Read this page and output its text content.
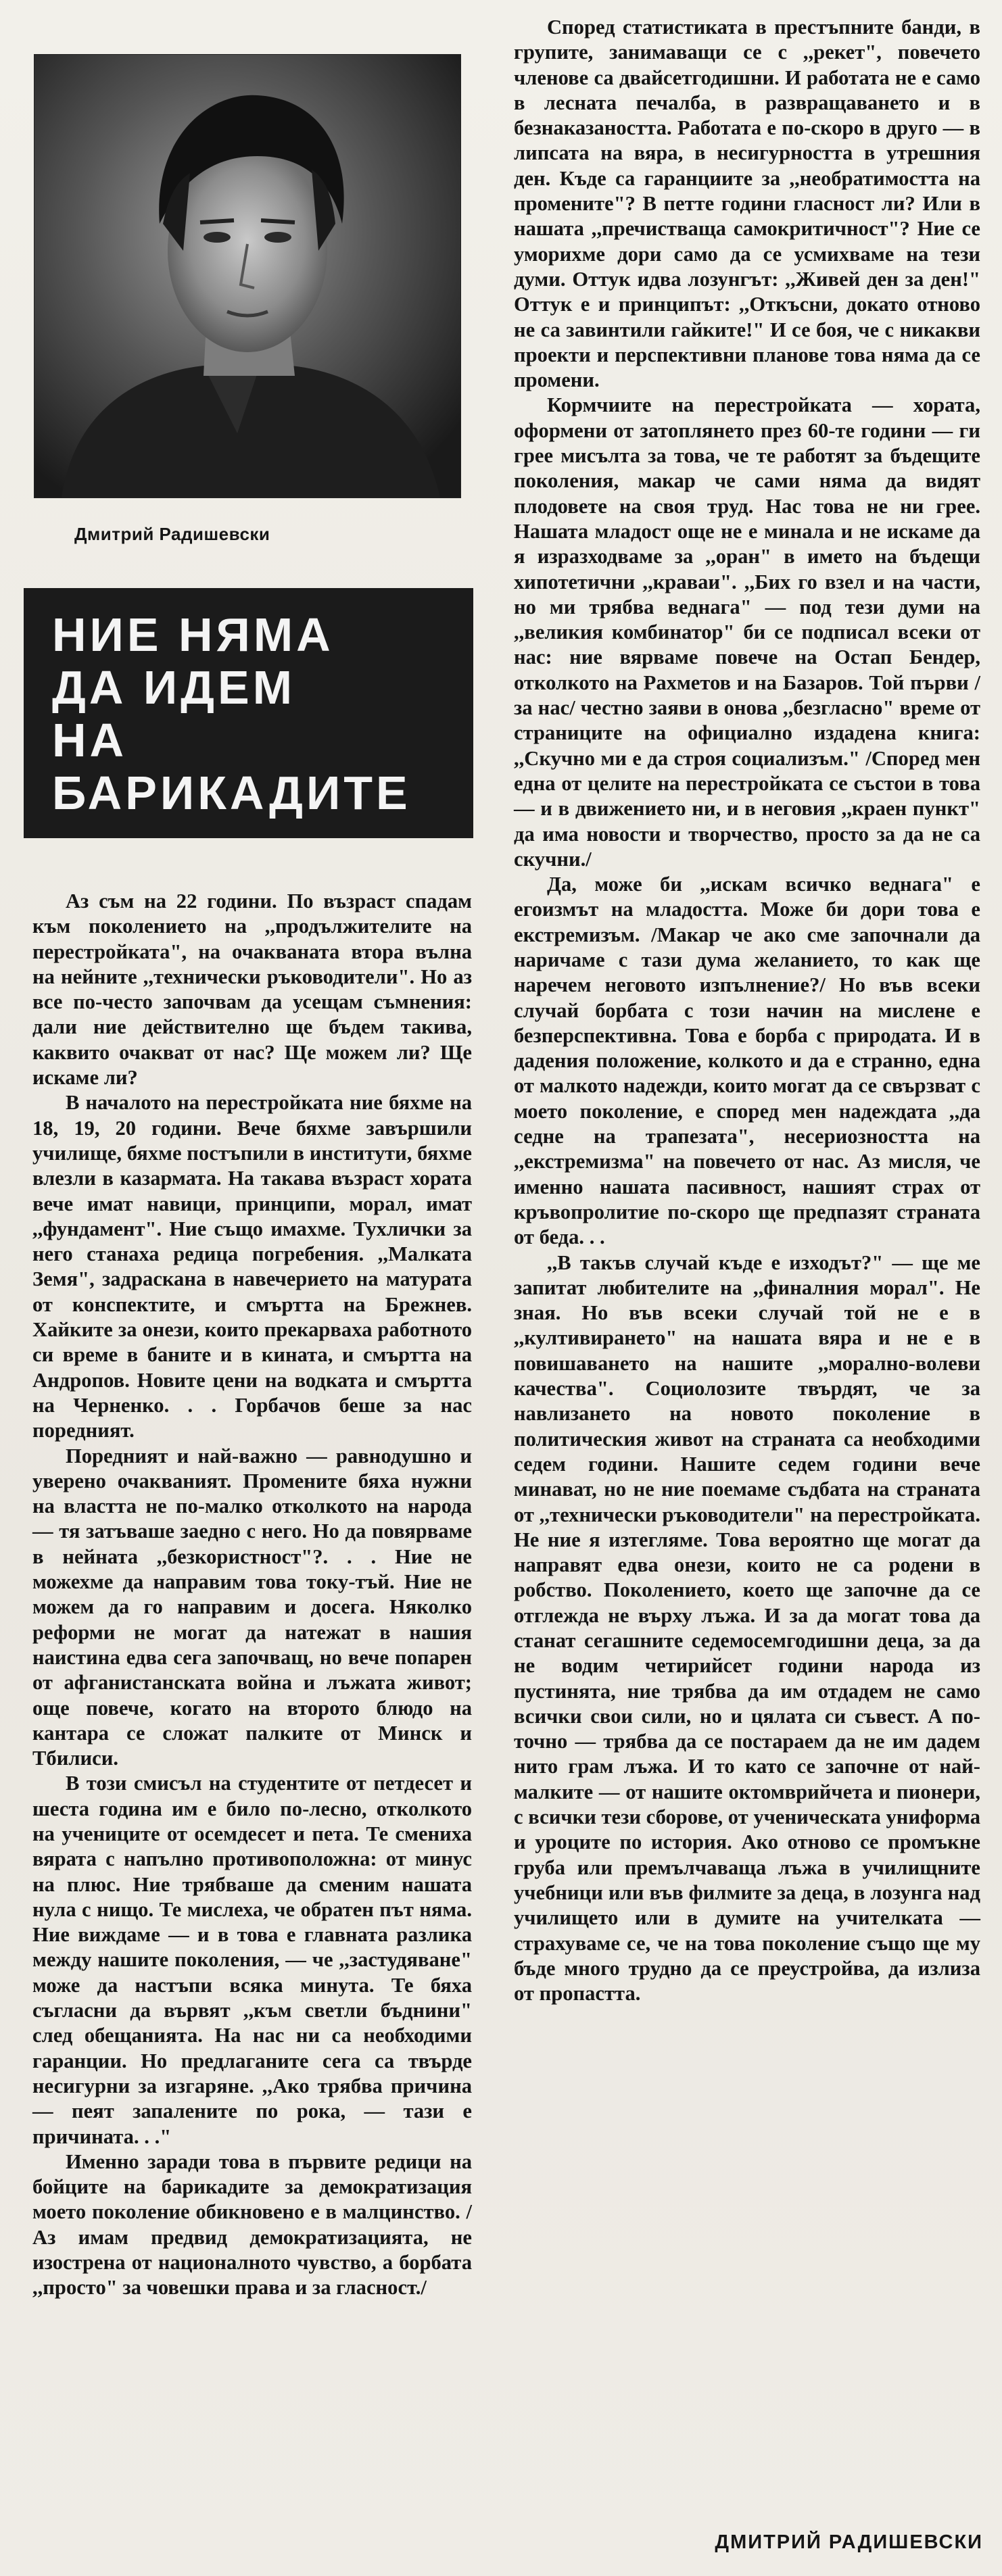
Дмитрий Радишевски
НИЕ НЯМА
ДА ИДЕМ
НА
БАРИКАДИТЕ

Аз съм на 22 години. По възраст спадам към поколението на ,,продължителите на перестройката", на очакваната втора вълна на нейните ,,технически ръководители". Но аз все по-често започвам да усещам съмнения: дали ние действително ще бъдем такива, каквито очакват от нас? Ще можем ли? Ще искаме ли?

В началото на перестройката ние бяхме на 18, 19, 20 години. Вече бяхме завършили училище, бяхме постъпили в институти, бяхме влезли в казармата. На такава възраст хората вече имат навици, принципи, морал, имат ,,фундамент". Ние също имахме. Тухлички за него станаха редица погребения. ,,Малката Земя", задраскана в навечерието на матурата от конспектите, и смъртта на Брежнев. Хайките за онези, които прекарваха работното си време в баните и в кината, и смъртта на Андропов. Новите цени на водката и смъртта на Черненко. . . Горбачов беше за нас поредният.

Поредният и най-важно — равнодушно и уверено очакваният. Промените бяха нужни на властта не по-малко отколкото на народа — тя затъваше заедно с него. Но да повярваме в нейната ,,безкористност"?. . . Ние не можехме да направим това току-тъй. Ние не можем да го направим и досега. Няколко реформи не могат да натежат в нашия наистина едва сега започващ, но вече попарен от афганистанската война и лъжата живот; още повече, когато на второто блюдо на кантара се сложат палките от Минск и Тбилиси.

В този смисъл на студентите от петдесет и шеста година им е било по-лесно, отколкото на учениците от осемдесет и пета. Те смениха вярата с напълно противоположна: от минус на плюс. Ние трябваше да сменим нашата нула с нищо. Те мислеха, че обратен път няма. Ние виждаме — и в това е главната разлика между нашите поколения, — че ,,застудяване" може да настъпи всяка минута. Те бяха съгласни да вървят ,,към светли бъднини" след обещанията. На нас ни са необходими гаранции. Но предлаганите сега са твърде несигурни за изгаряне. ,,Ако трябва причина — пеят запалените по рока, — тази е причината. . ."

Именно заради това в първите редици на бойците на барикадите за демократизация моето поколение обикновено е в малцинство. /Аз имам предвид демократизацията, не изострена от националното чувство, а борбата ,,просто" за човешки права и за гласност./

Според статистиката в престъпните банди, в групите, занимаващи се с ,,рекет", повечето членове са двайсетгодишни. И работата не е само в лесната печалба, в развращаването и в безнаказаността. Работата е по-скоро в друго — в липсата на вяра, в несигурността в утрешния ден. Къде са гаранциите за ,,необратимостта на промените"? В петте години гласност ли? Или в нашата ,,пречистваща самокритичност"? Ние се уморихме дори само да се усмихваме на тези думи. Оттук идва лозунгът: ,,Живей ден за ден!" Оттук е и принципът: ,,Откъсни, докато отново не са завинтили гайките!" И се боя, че с никакви проекти и перспективни планове това няма да се промени.

Кормчиите на перестройката — хората, оформени от затоплянето през 60-те години — ги грее мисълта за това, че те работят за бъдещите поколения, макар че сами няма да видят плодовете на своя труд. Нас това не ни грее. Нашата младост още не е минала и не искаме да я изразходваме за ,,оран" в името на бъдещи хипотетични ,,краваи". ,,Бих го взел и на части, но ми трябва веднага" — под тези думи на ,,великия комбинатор" би се подписал всеки от нас: ние вярваме повече на Остап Бендер, отколкото на Рахметов и на Базаров. Той първи /за нас/ честно заяви в онова ,,безгласно" време от страниците на официално издадена книга: ,,Скучно ми е да строя социализъм." /Според мен една от целите на перестройката се състои в това — и в движението ни, и в неговия ,,краен пункт" да има новости и творчество, просто за да не са скучни./

Да, може би ,,искам всичко веднага" е егоизмът на младостта. Може би дори това е екстремизъм. /Макар че ако сме започнали да наричаме с тази дума желанието, то как ще наречем неговото изпълнение?/ Но във всеки случай борбата с този начин на мислене е безперспективна. Това е борба с природата. И в дадения положение, колкото и да е странно, една от малкото надежди, които могат да се свързват с моето поколение, е според мен надеждата ,,да седне на трапезата", несериозността на ,,екстремизма" на повечето от нас. Аз мисля, че именно нашата пасивност, нашият страх от кръвопролитие по-скоро ще предпазят страната от беда. . .

,,В такъв случай къде е изходът?" — ще ме запитат любителите на ,,финалния морал". Не зная. Но във всеки случай той не е в ,,култивирането" на нашата вяра и не е в повишаването на нашите ,,морално-волеви качества". Социолозите твърдят, че за навлизането на новото поколение в политическия живот на страната са необходими седем години. Нашите седем години вече минават, но не ние поемаме съдбата на страната от ,,технически ръководители" на перестройката. Не ние я изтегляме. Това вероятно ще могат да направят едва онези, които не са родени в робство. Поколението, което ще започне да се отглежда не върху лъжа. И за да могат това да станат сегашните седемосемгодишни деца, за да не водим четирийсет години народа из пустинята, ние трябва да им отдадем не само всички свои сили, но и цялата си съвест. А по-точно — трябва да се постараем да не им дадем нито грам лъжа. И то като се започне от най-малките — от нашите октомврийчета и пионери, с всички тези сборове, от ученическата униформа и уроците по история. Ако отново се промъкне груба или премълчаваща лъжа в училищните учебници или във филмите за деца, в лозунга над училището или в думите на учителката — страхуваме се, че на това поколение също ще му бъде много трудно да се преустройва, да излиза от пропастта.

ДМИТРИЙ РАДИШЕВСКИ
